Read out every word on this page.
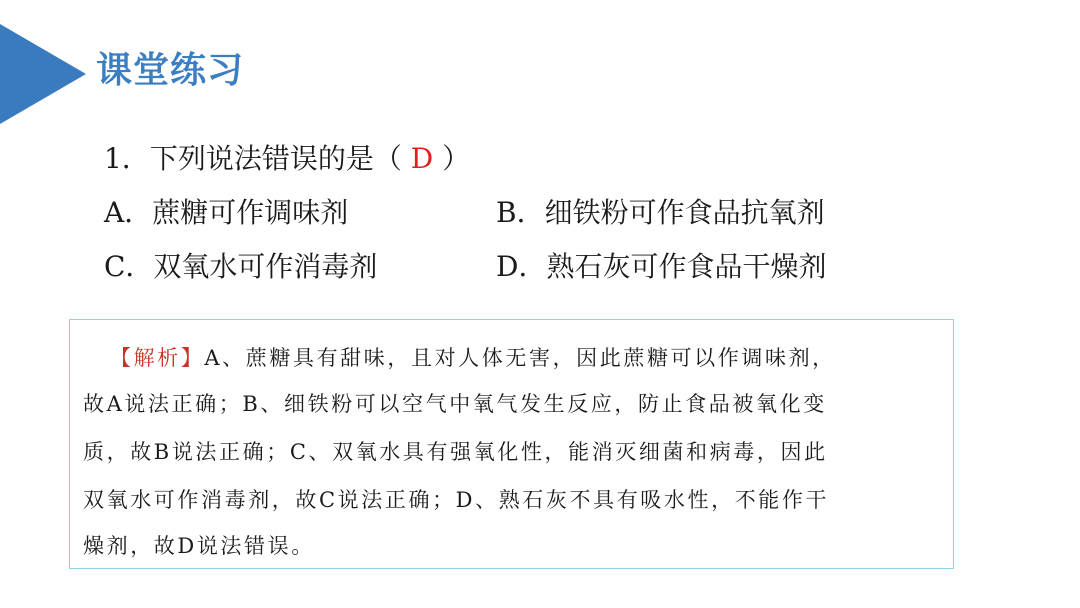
课堂练习
1．下列说法错误的是（ D ）
A．蔗糖可作调味剂	B．细铁粉可作食品抗氧剂
C．双氧水可作消毒剂	D．熟石灰可作食品干燥剂
【解析】A、蔗糖具有甜味，且对人体无害，因此蔗糖可以作调味剂，
故A说法正确；B、细铁粉可以空气中氧气发生反应，防止食品被氧化变
质，故B说法正确；C、双氧水具有强氧化性，能消灭细菌和病毒，因此
双氧水可作消毒剂，故C说法正确；D、熟石灰不具有吸水性，不能作干
燥剂，故D说法错误。
